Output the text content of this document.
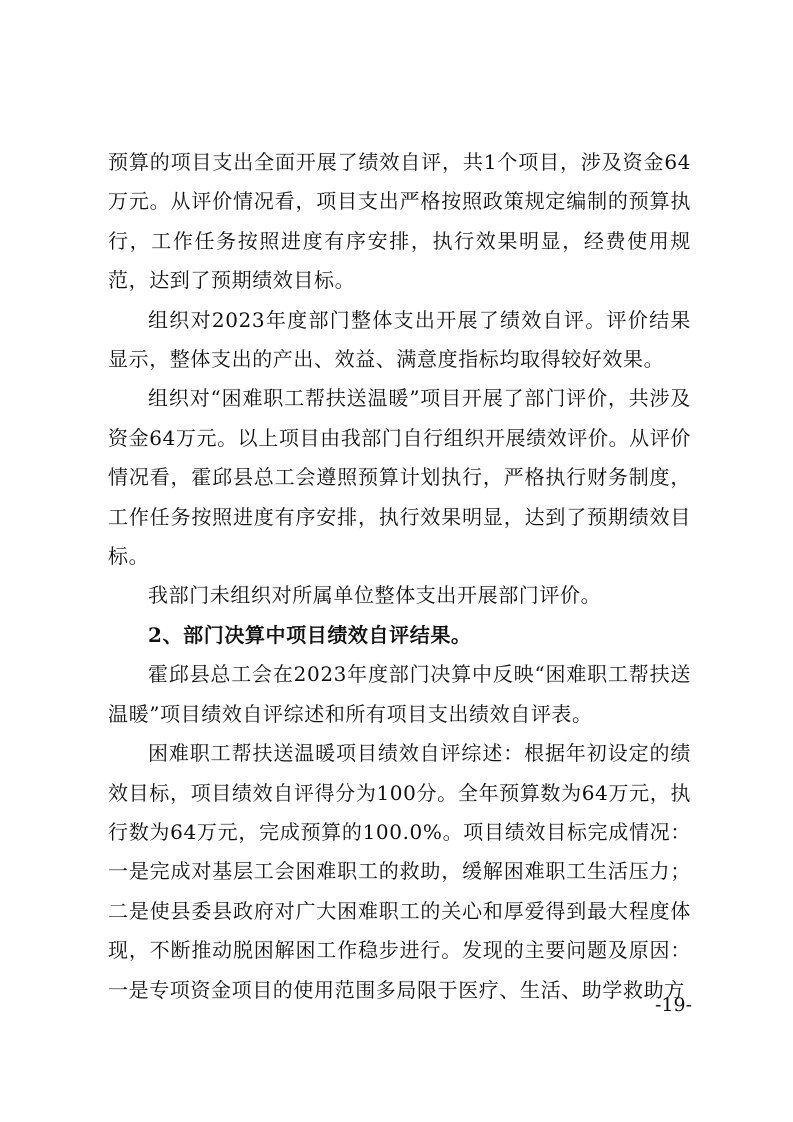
预算的项目支出全面开展了绩效自评，共1个项目，涉及资金64万元。从评价情况看，项目支出严格按照政策规定编制的预算执行，工作任务按照进度有序安排，执行效果明显，经费使用规范，达到了预期绩效目标。

组织对2023年度部门整体支出开展了绩效自评。评价结果显示，整体支出的产出、效益、满意度指标均取得较好效果。

组织对“困难职工帮扶送温暖”项目开展了部门评价，共涉及资金64万元。以上项目由我部门自行组织开展绩效评价。从评价情况看，霍邱县总工会遵照预算计划执行，严格执行财务制度，工作任务按照进度有序安排，执行效果明显，达到了预期绩效目标。

我部门未组织对所属单位整体支出开展部门评价。

2、部门决算中项目绩效自评结果。

霍邱县总工会在2023年度部门决算中反映“困难职工帮扶送温暖”项目绩效自评综述和所有项目支出绩效自评表。

困难职工帮扶送温暖项目绩效自评综述：根据年初设定的绩效目标，项目绩效自评得分为100分。全年预算数为64万元，执行数为64万元，完成预算的100.0%。项目绩效目标完成情况：一是完成对基层工会困难职工的救助，缓解困难职工生活压力；二是使县委县政府对广大困难职工的关心和厚爱得到最大程度体现，不断推动脱困解困工作稳步进行。发现的主要问题及原因：一是专项资金项目的使用范围多局限于医疗、生活、助学救助方

-19-
